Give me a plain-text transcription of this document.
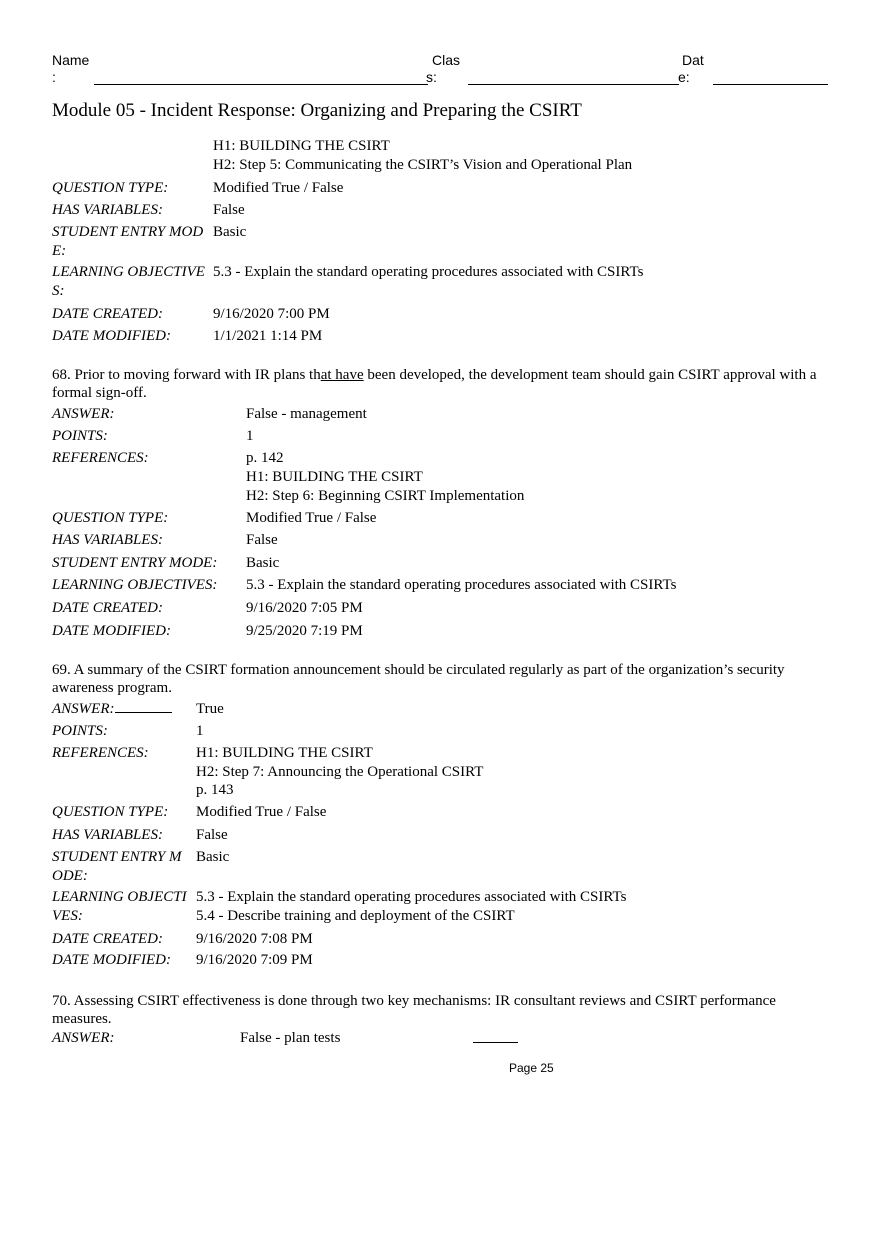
Name
:
Clas
s:
Dat
e:
Module 05 - Incident Response: Organizing and Preparing the CSIRT
H1: BUILDING THE CSIRT
H2: Step 5: Communicating the CSIRT’s Vision and Operational Plan
QUESTION TYPE:	Modified True / False
HAS VARIABLES:	False
STUDENT ENTRY MOD
E:
Basic
LEARNING OBJECTIVE
S:
5.3 - Explain the standard operating procedures associated with CSIRTs
DATE CREATED:	9/16/2020 7:00 PM
DATE MODIFIED:	1/1/2021 1:14 PM
68. Prior to moving forward with IR plans that have been developed, the development team should gain CSIRT approval with a formal sign-off.
ANSWER:	False - management
POINTS:	1
REFERENCES:	p. 142
H1: BUILDING THE CSIRT
H2: Step 6: Beginning CSIRT Implementation
QUESTION TYPE:	Modified True / False
HAS VARIABLES:	False
STUDENT ENTRY MODE: Basic
LEARNING OBJECTIVES: 5.3 - Explain the standard operating procedures associated with CSIRTs
DATE CREATED:	9/16/2020 7:05 PM
DATE MODIFIED:	9/25/2020 7:19 PM
69. A summary of the CSIRT formation announcement should be circulated regularly as part of the organization’s security awareness program.
ANSWER:	True
POINTS:	1
REFERENCES:	H1: BUILDING THE CSIRT
H2: Step 7: Announcing the Operational CSIRT
p. 143
QUESTION TYPE: Modified True / False
HAS VARIABLES: False
STUDENT ENTRY M
ODE:
Basic
LEARNING OBJECTI
VES:
5.3 - Explain the standard operating procedures associated with CSIRTs
5.4 - Describe training and deployment of the CSIRT
DATE CREATED: 9/16/2020 7:08 PM
DATE MODIFIED: 9/16/2020 7:09 PM
70. Assessing CSIRT effectiveness is done through two key mechanisms: IR consultant reviews and CSIRT performance measures.
ANSWER:	False - plan tests
Page 25
